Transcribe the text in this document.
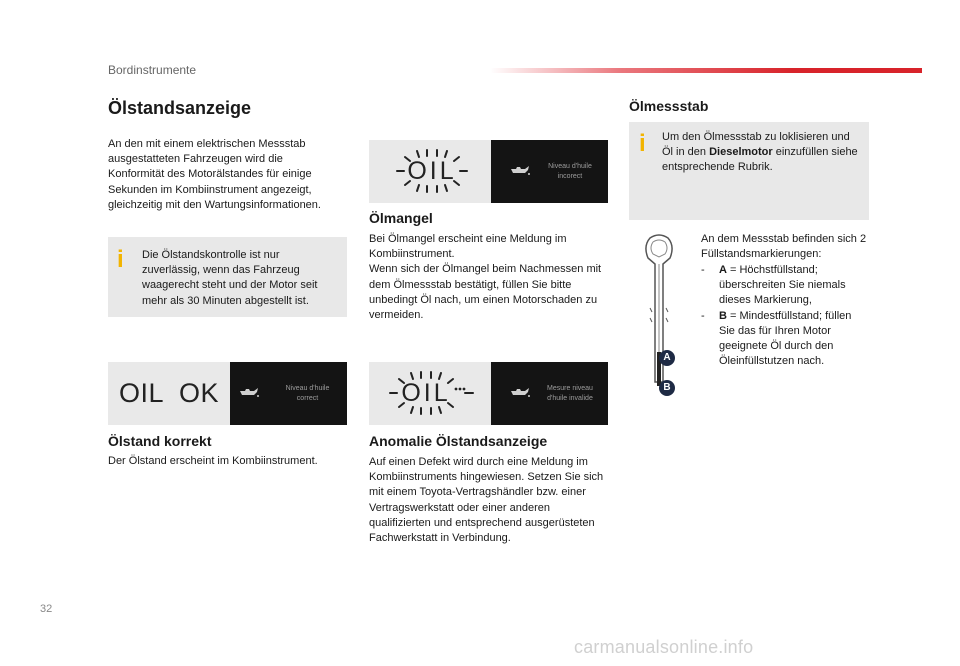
Bordinstrumente
Ölstandsanzeige

An den mit einem elektrischen Messstab ausgestatteten Fahrzeugen wird die Konformität des Motorälstandes für einige Sekunden im Kombiinstrument angezeigt, gleichzeitig mit den Wartungsinformationen.

i Die Ölstandskontrolle ist nur zuverlässig, wenn das Fahrzeug waagerecht steht und der Motor seit mehr als 30 Minuten abgestellt ist.

OIL  OK	Niveau d'huile
correct
Ölstand korrekt

Der Ölstand erscheint im Kombiinstrument.

OIL	Niveau d'huile
incorect
Ölmangel

Bei Ölmangel erscheint eine Meldung im Kombiinstrument.
Wenn sich der Ölmangel beim Nachmessen mit dem Ölmessstab bestätigt, füllen Sie bitte unbedingt Öl nach, um einen Motorschaden zu vermeiden.

OIL	Mesure niveau
d'huile invalide
Anomalie Ölstandsanzeige

Auf einen Defekt wird durch eine Meldung im Kombiinstruments hingewiesen. Setzen Sie sich mit einem Toyota-Vertragshändler bzw. einer Vertragswerkstatt oder einer anderen qualifizierten und entsprechend ausgerüsteten Fachwerkstatt in Verbindung.

Ölmessstab
i Um den Ölmessstab zu loklisieren und Öl in den Dieselmotor einzufüllen siehe entsprechende Rubrik.

A
B

An dem Messstab befinden sich 2 Füllstandsmarkierungen:

- A = Höchstfüllstand; überschreiten Sie niemals dieses Markierung,
- B = Mindestfüllstand; füllen Sie das für Ihren Motor geeignete Öl durch den Öleinfüllstutzen nach.
32
carmanualsonline.info
